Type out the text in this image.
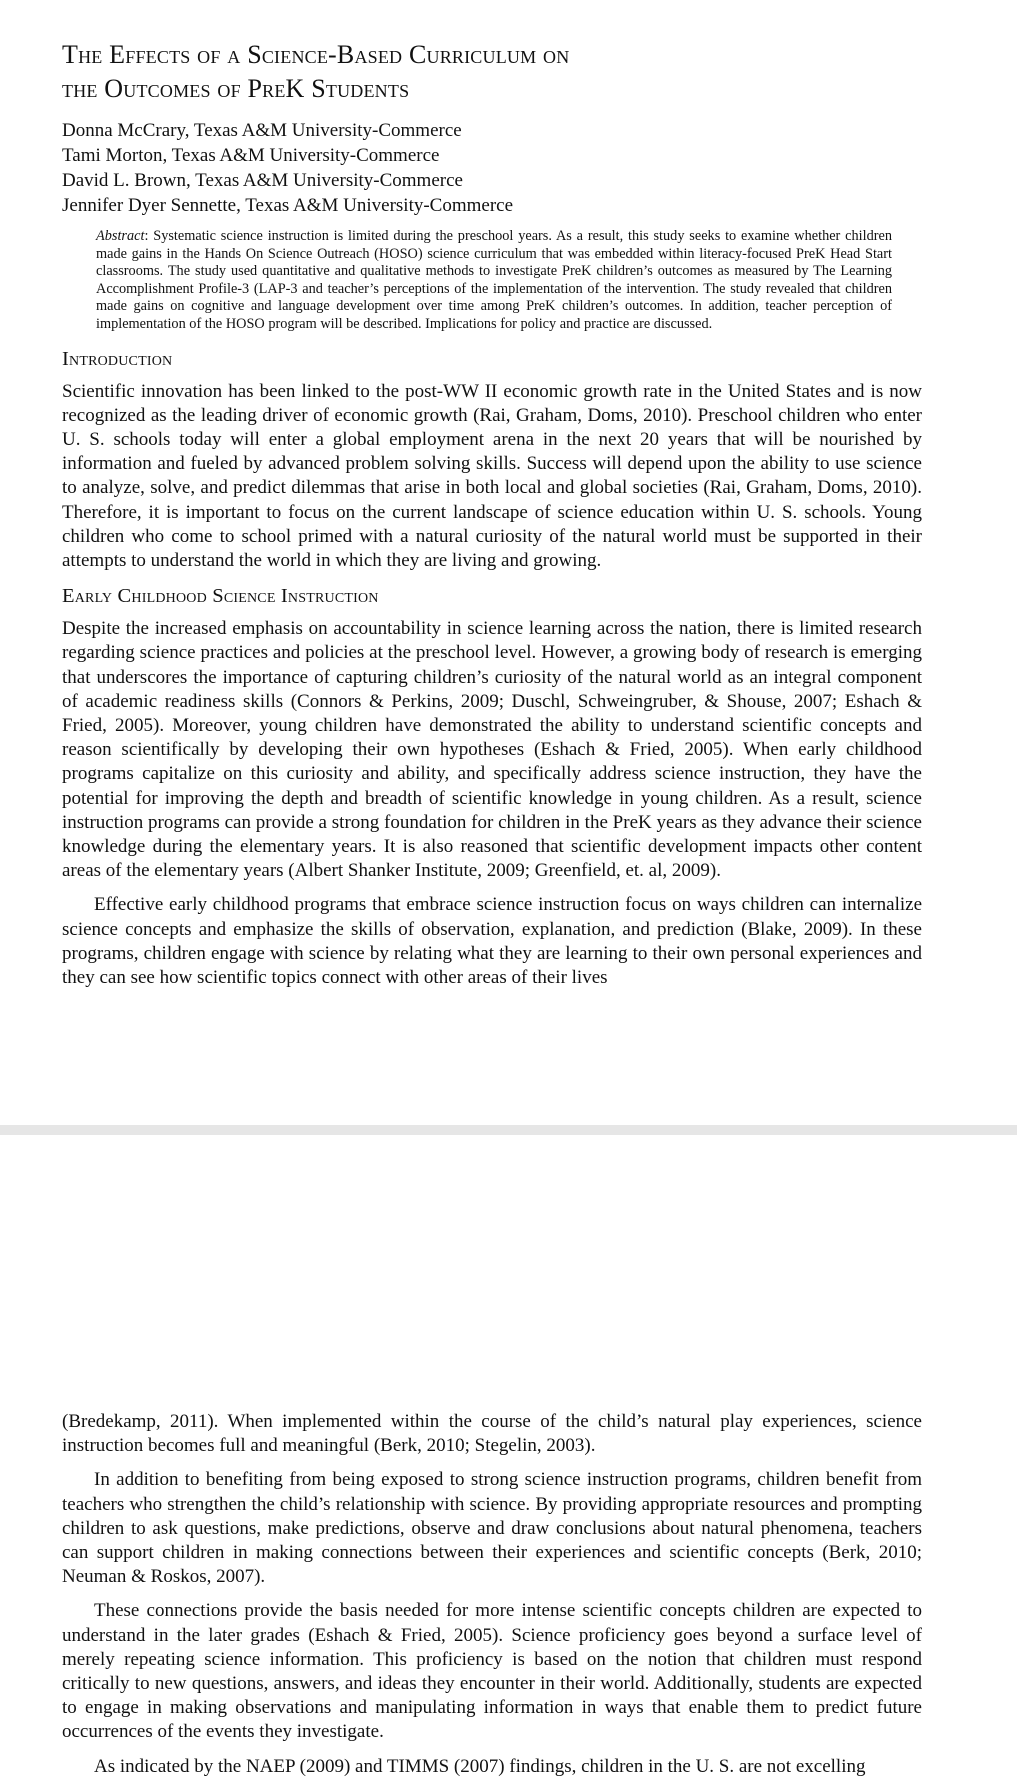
The Effects of a Science-Based Curriculum on
the Outcomes of PreK Students

Donna McCrary, Texas A&M University-Commerce

Tami Morton, Texas A&M University-Commerce

David L. Brown, Texas A&M University-Commerce

Jennifer Dyer Sennette, Texas A&M University-Commerce

Abstract: Systematic science instruction is limited during the preschool years. As a result, this study seeks to examine whether children made gains in the Hands On Science Outreach (HOSO) science curriculum that was embedded within literacy-focused PreK Head Start classrooms. The study used quantitative and qualitative methods to investigate PreK children’s outcomes as measured by The Learning Accomplishment Profile-3 (LAP-3 and teacher’s perceptions of the implementation of the intervention. The study revealed that children made gains on cognitive and language development over time among PreK children’s outcomes. In addition, teacher perception of implementation of the HOSO program will be described. Implications for policy and practice are discussed.

Introduction

Scientific innovation has been linked to the post-WW II economic growth rate in the United States and is now recognized as the leading driver of economic growth (Rai, Graham, Doms, 2010). Preschool children who enter U. S. schools today will enter a global employment arena in the next 20 years that will be nourished by information and fueled by advanced problem solving skills. Success will depend upon the ability to use science to analyze, solve, and predict dilemmas that arise in both local and global societies (Rai, Graham, Doms, 2010). Therefore, it is important to focus on the current landscape of science education within U. S. schools. Young children who come to school primed with a natural curiosity of the natural world must be supported in their attempts to understand the world in which they are living and growing.

Early Childhood Science Instruction

Despite the increased emphasis on accountability in science learning across the nation, there is limited research regarding science practices and policies at the preschool level. However, a growing body of research is emerging that underscores the importance of capturing children’s curiosity of the natural world as an integral component of academic readiness skills (Connors & Perkins, 2009; Duschl, Schweingruber, & Shouse, 2007; Eshach & Fried, 2005). Moreover, young children have demonstrated the ability to understand scientific concepts and reason scientifically by developing their own hypotheses (Eshach & Fried, 2005). When early childhood programs capitalize on this curiosity and ability, and specifically address science instruction, they have the potential for improving the depth and breadth of scientific knowledge in young children. As a result, science instruction programs can provide a strong foundation for children in the PreK years as they advance their science knowledge during the elementary years. It is also reasoned that scientific development impacts other content areas of the elementary years (Albert Shanker Institute, 2009; Greenfield, et. al, 2009).

Effective early childhood programs that embrace science instruction focus on ways children can internalize science concepts and emphasize the skills of observation, explanation, and prediction (Blake, 2009). In these programs, children engage with science by relating what they are learning to their own personal experiences and they can see how scientific topics connect with other areas of their lives

(Bredekamp, 2011). When implemented within the course of the child’s natural play experiences, science instruction becomes full and meaningful (Berk, 2010; Stegelin, 2003).

In addition to benefiting from being exposed to strong science instruction programs, children benefit from teachers who strengthen the child’s relationship with science. By providing appropriate resources and prompting children to ask questions, make predictions, observe and draw conclusions about natural phenomena, teachers can support children in making connections between their experiences and scientific concepts (Berk, 2010; Neuman & Roskos, 2007).

These connections provide the basis needed for more intense scientific concepts children are expected to understand in the later grades (Eshach & Fried, 2005). Science proficiency goes beyond a surface level of merely repeating science information. This proficiency is based on the notion that children must respond critically to new questions, answers, and ideas they encounter in their world. Additionally, students are expected to engage in making observations and manipulating information in ways that enable them to predict future occurrences of the events they investigate.

As indicated by the NAEP (2009) and TIMMS (2007) findings, children in the U. S. are not excelling
